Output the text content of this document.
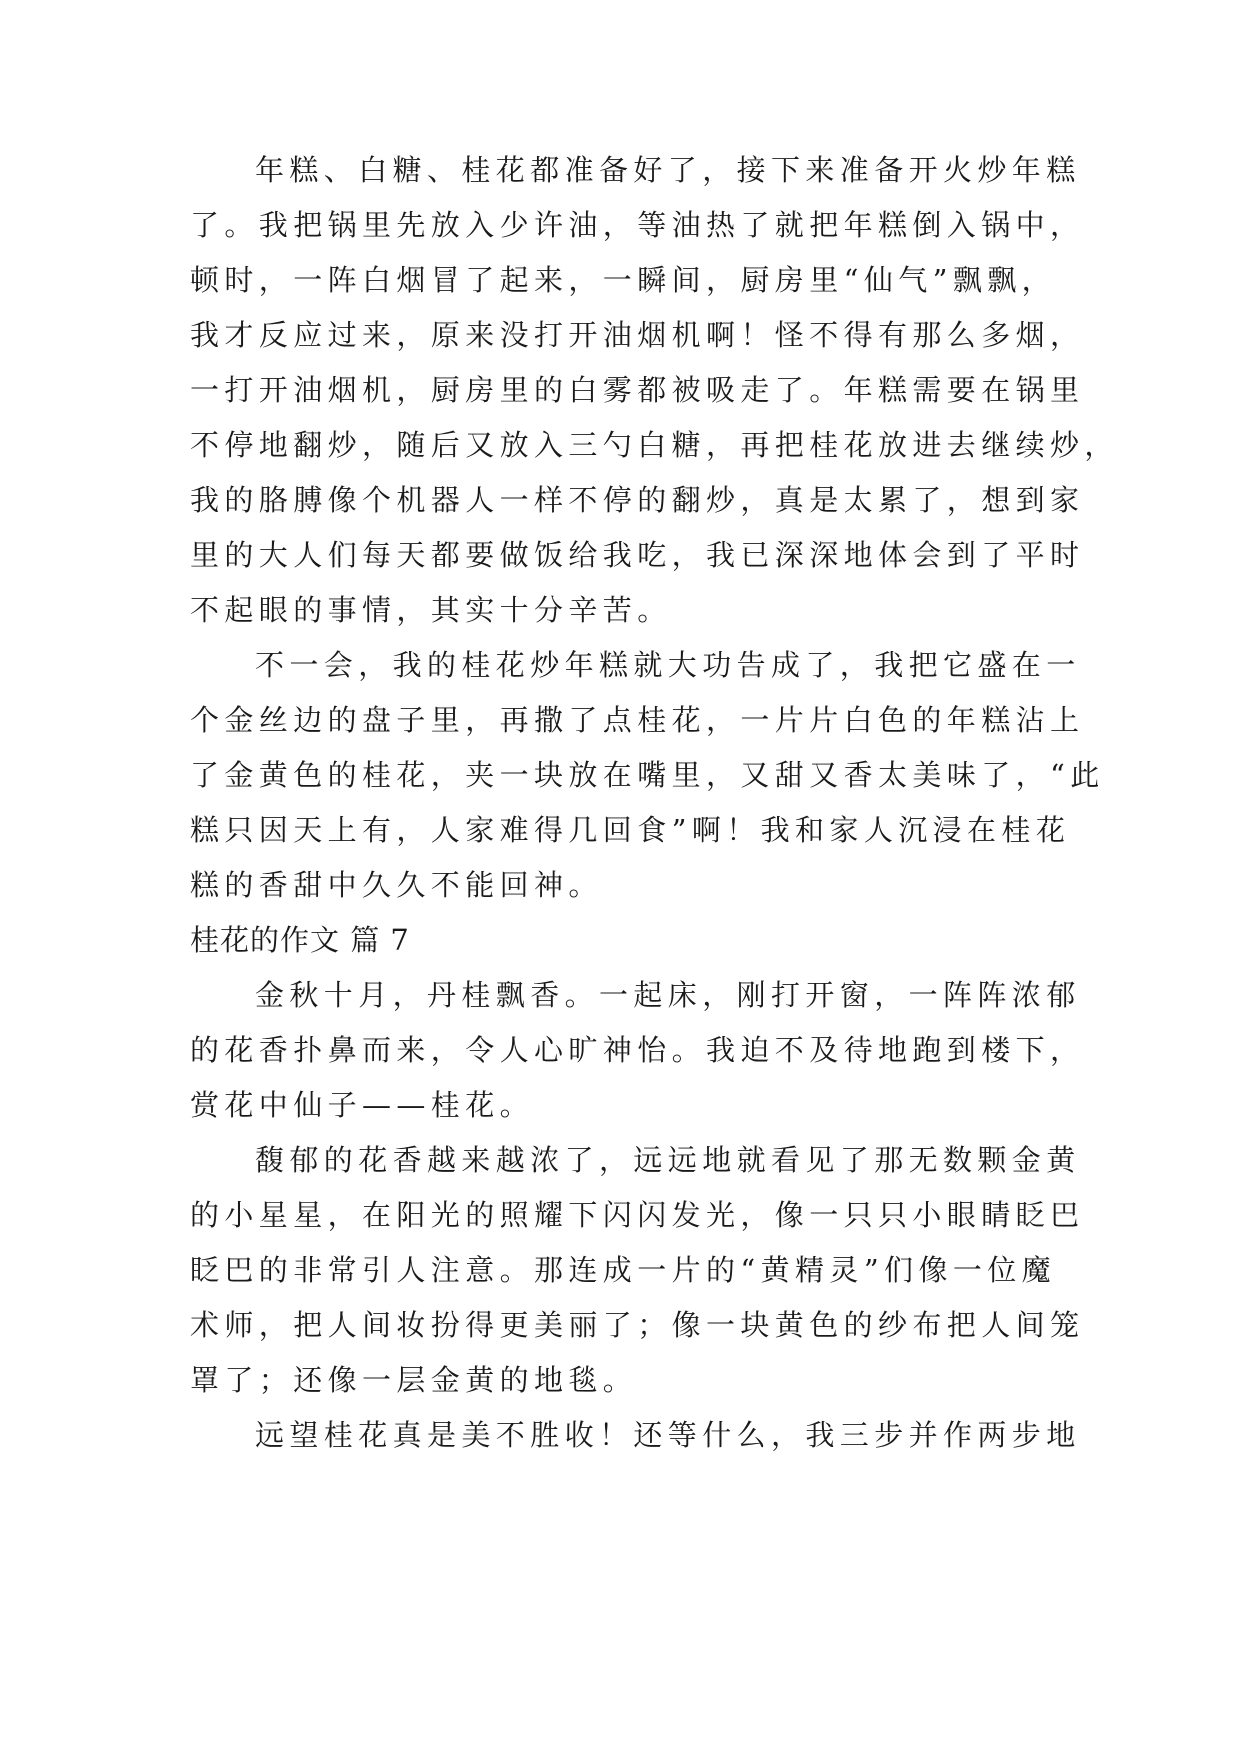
年糕、白糖、桂花都准备好了，接下来准备开火炒年糕
了。我把锅里先放入少许油，等油热了就把年糕倒入锅中，
顿时，一阵白烟冒了起来，一瞬间，厨房里“仙气”飘飘，
我才反应过来，原来没打开油烟机啊！怪不得有那么多烟，
一打开油烟机，厨房里的白雾都被吸走了。年糕需要在锅里
不停地翻炒，随后又放入三勺白糖，再把桂花放进去继续炒，
我的胳膊像个机器人一样不停的翻炒，真是太累了，想到家
里的大人们每天都要做饭给我吃，我已深深地体会到了平时
不起眼的事情，其实十分辛苦。
不一会，我的桂花炒年糕就大功告成了，我把它盛在一
个金丝边的盘子里，再撒了点桂花，一片片白色的年糕沾上
了金黄色的桂花，夹一块放在嘴里，又甜又香太美味了，“此
糕只因天上有，人家难得几回食”啊！我和家人沉浸在桂花
糕的香甜中久久不能回神。
桂花的作文 篇 7
金秋十月，丹桂飘香。一起床，刚打开窗，一阵阵浓郁
的花香扑鼻而来，令人心旷神怡。我迫不及待地跑到楼下，
赏花中仙子——桂花。
馥郁的花香越来越浓了，远远地就看见了那无数颗金黄
的小星星，在阳光的照耀下闪闪发光，像一只只小眼睛眨巴
眨巴的非常引人注意。那连成一片的“黄精灵”们像一位魔
术师，把人间妆扮得更美丽了；像一块黄色的纱布把人间笼
罩了；还像一层金黄的地毯。
远望桂花真是美不胜收！还等什么，我三步并作两步地
